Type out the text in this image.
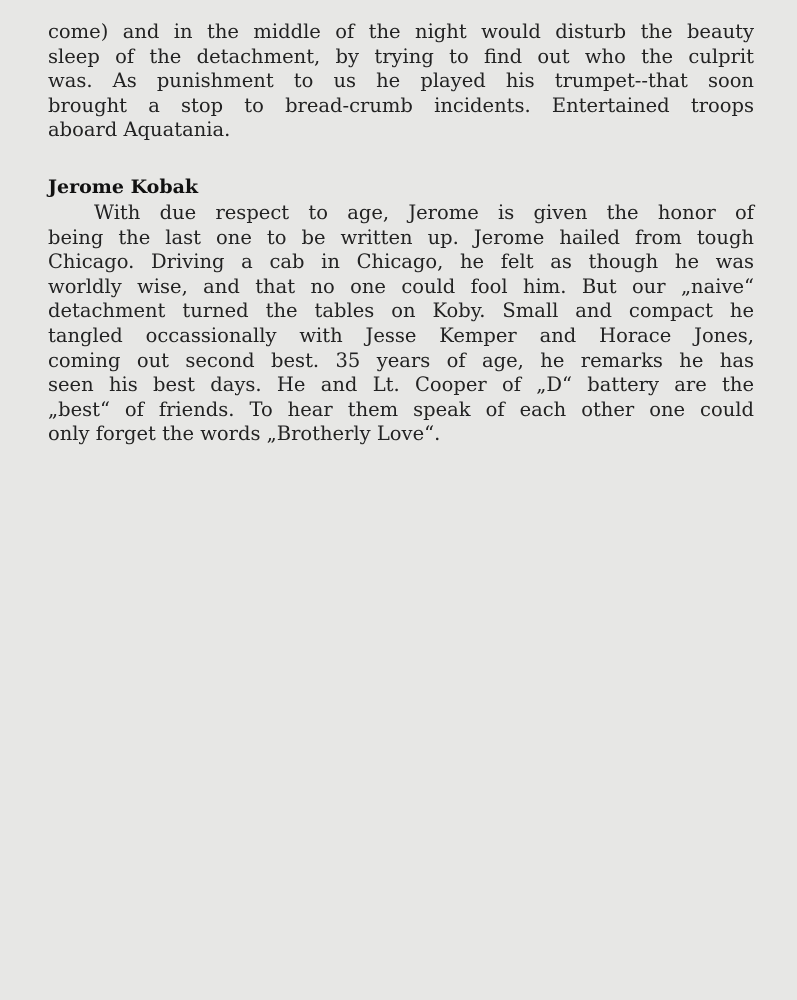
come) and in the middle of the night would disturb the beauty
sleep of the detachment, by trying to find out who the culprit
was. As punishment to us he played his trumpet--that soon
brought a stop to bread-crumb incidents. Entertained troops
aboard Aquatania.
Jerome Kobak
With due respect to age, Jerome is given the honor of
being the last one to be written up. Jerome hailed from tough
Chicago. Driving a cab in Chicago, he felt as though he was
worldly wise, and that no one could fool him. But our „naive“
detachment turned the tables on Koby. Small and compact he
tangled occassionally with Jesse Kemper and Horace Jones,
coming out second best. 35 years of age, he remarks he has
seen his best days. He and Lt. Cooper of „D“ battery are the
„best“ of friends. To hear them speak of each other one could
only forget the words „Brotherly Love“.
